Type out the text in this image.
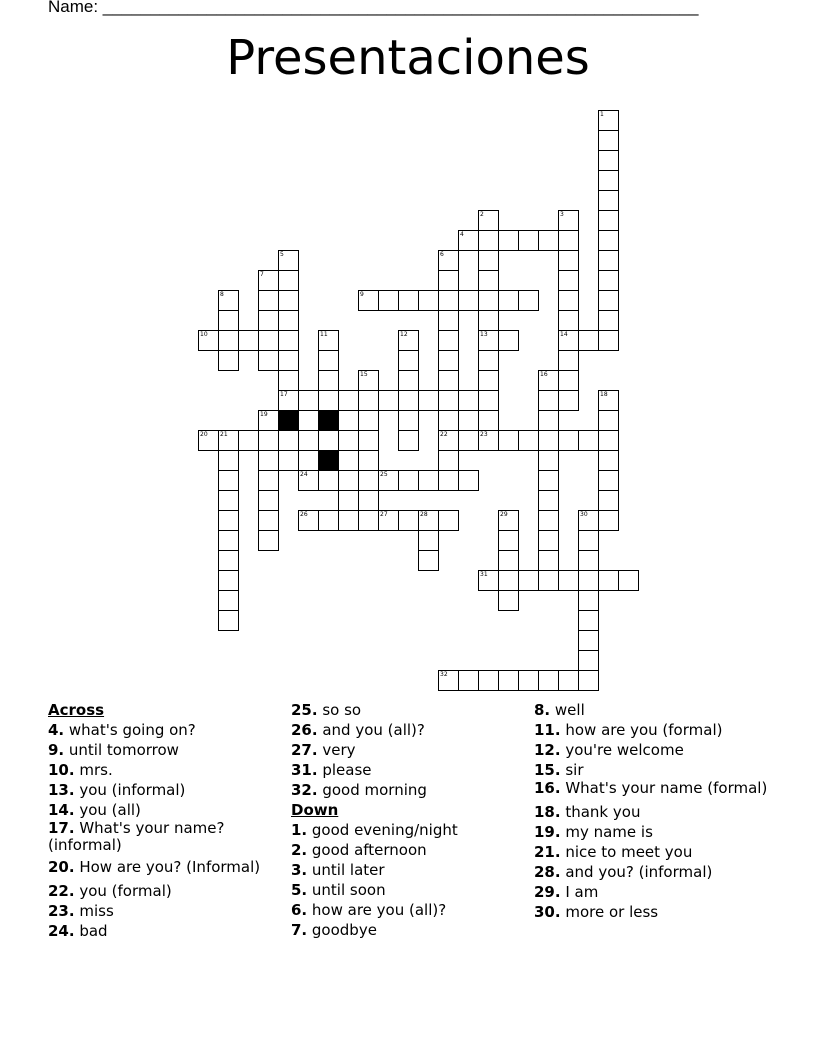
Name: _______________________________________________________________
Presentaciones
1
2	3
4
5	6
7
8	9
10	11	12	13	14
15	16
17	18
19
20 21	22	23
24	25
26	27	28	29	30
31
32
Across
4. what's going on?
9. until tomorrow
10. mrs.
13. you (informal)
14. you (all)
17. What's your name? (informal)
20. How are you? (Informal)
22. you (formal)
23. miss
24. bad
25. so so
26. and you (all)?
27. very
31. please
32. good morning
Down
1. good evening/night
2. good afternoon
3. until later
5. until soon
6. how are you (all)?
7. goodbye
8. well
11. how are you (formal)
12. you're welcome
15. sir
16. What's your name (formal)
18. thank you
19. my name is
21. nice to meet you
28. and you? (informal)
29. I am
30. more or less
